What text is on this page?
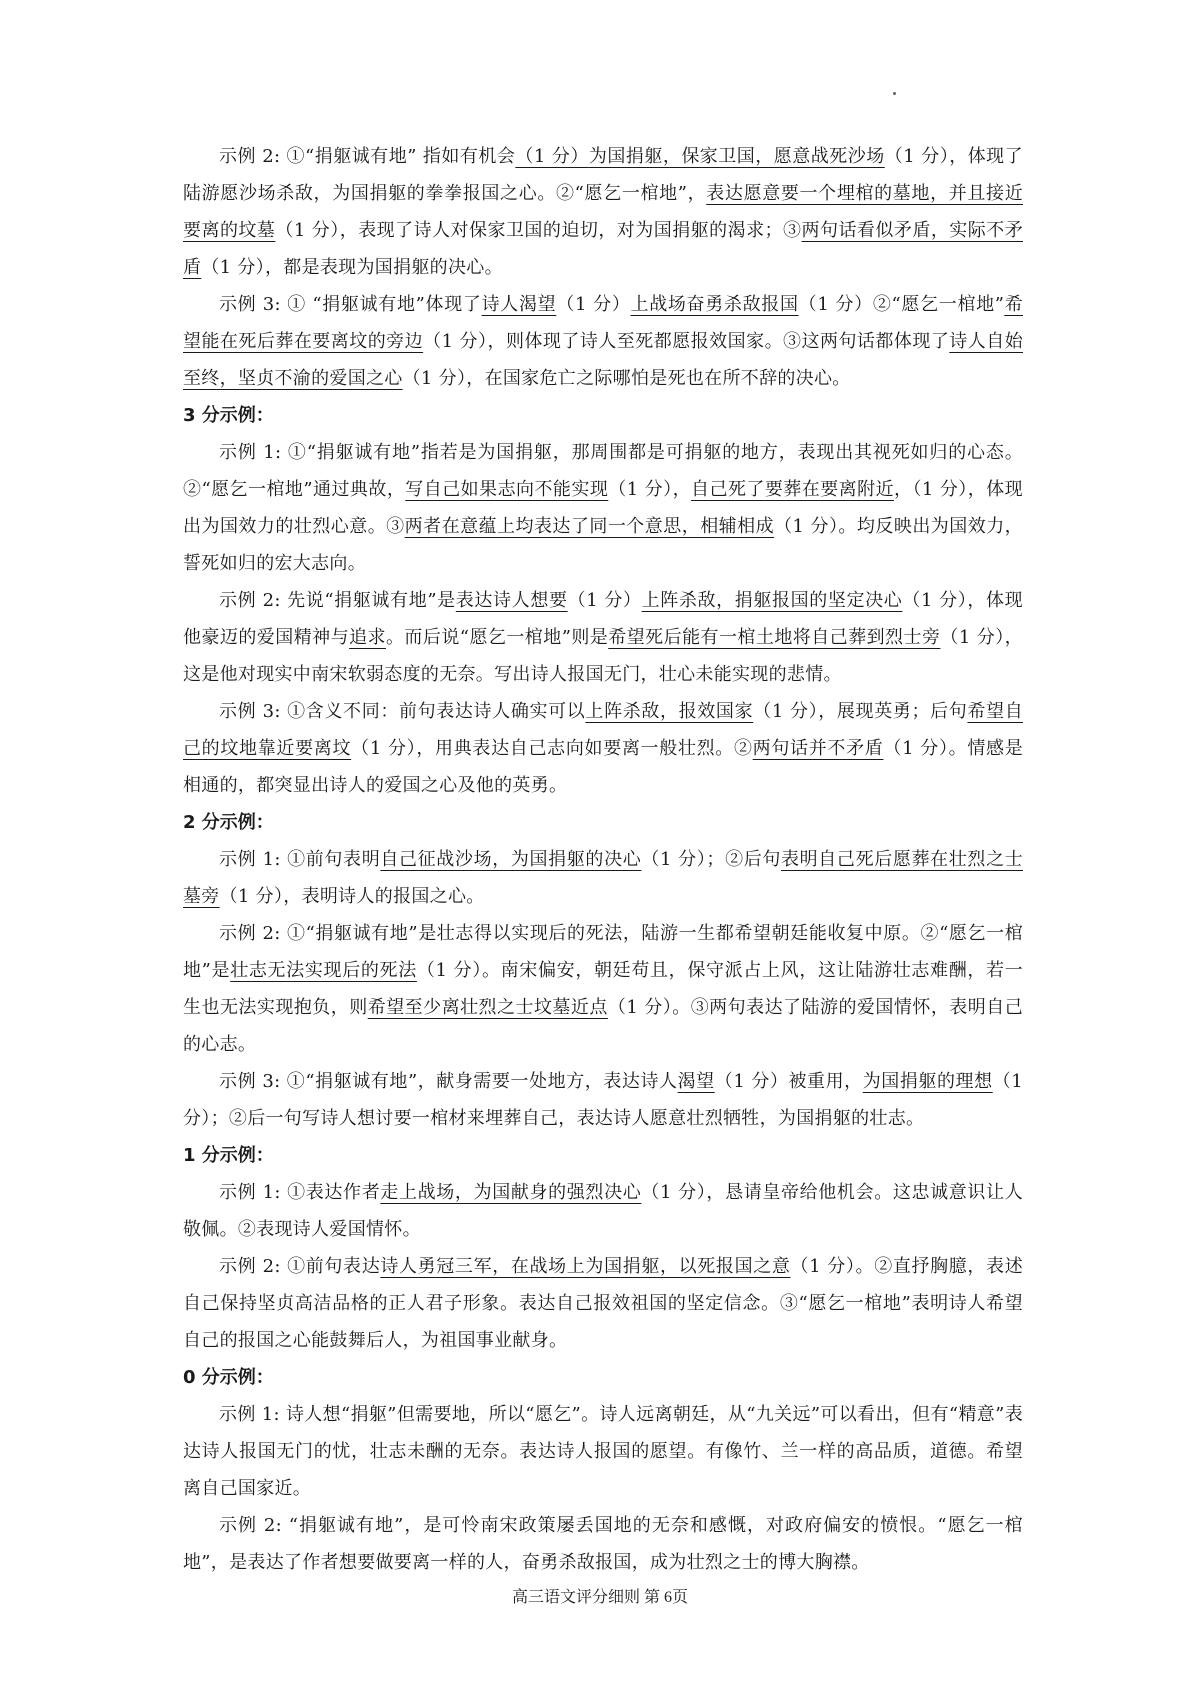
示例 2: ①“捐躯诚有地” 指如有机会（1 分）为国捐躯，保家卫国，愿意战死沙场（1 分），体现了陆游愿沙场杀敌，为国捐躯的拳拳报国之心。②“愿乞一棺地”，表达愿意要一个埋棺的墓地，并且接近要离的坟墓（1 分），表现了诗人对保家卫国的迫切，对为国捐躯的渴求；③两句话看似矛盾，实际不矛盾（1 分），都是表现为国捐躯的决心。

示例 3: ① “捐躯诚有地”体现了诗人渴望（1 分）上战场奋勇杀敌报国（1 分）②“愿乞一棺地”希望能在死后葬在要离坟的旁边（1 分），则体现了诗人至死都愿报效国家。③这两句话都体现了诗人自始至终，坚贞不渝的爱国之心（1 分），在国家危亡之际哪怕是死也在所不辞的决心。

3 分示例：

示例 1: ①“捐躯诚有地”指若是为国捐躯，那周围都是可捐躯的地方，表现出其视死如归的心态。②“愿乞一棺地”通过典故，写自己如果志向不能实现（1 分），自己死了要葬在要离附近，（1 分），体现出为国效力的壮烈心意。③两者在意蕴上均表达了同一个意思，相辅相成（1 分）。均反映出为国效力，誓死如归的宏大志向。

示例 2: 先说“捐躯诚有地”是表达诗人想要（1 分）上阵杀敌，捐躯报国的坚定决心（1 分），体现他豪迈的爱国精神与追求。而后说“愿乞一棺地”则是希望死后能有一棺土地将自己葬到烈士旁（1 分），这是他对现实中南宋软弱态度的无奈。写出诗人报国无门，壮心未能实现的悲情。

示例 3: ①含义不同：前句表达诗人确实可以上阵杀敌，报效国家（1 分），展现英勇；后句希望自己的坟地靠近要离坟（1 分），用典表达自己志向如要离一般壮烈。②两句话并不矛盾（1 分）。情感是相通的，都突显出诗人的爱国之心及他的英勇。

2 分示例：

示例 1: ①前句表明自己征战沙场，为国捐躯的决心（1 分）；②后句表明自己死后愿葬在壮烈之士墓旁（1 分），表明诗人的报国之心。

示例 2: ①“捐躯诚有地”是壮志得以实现后的死法，陆游一生都希望朝廷能收复中原。②“愿乞一棺地”是壮志无法实现后的死法（1 分）。南宋偏安，朝廷苟且，保守派占上风，这让陆游壮志难酬，若一生也无法实现抱负，则希望至少离壮烈之士坟墓近点（1 分）。③两句表达了陆游的爱国情怀，表明自己的心志。

示例 3: ①“捐躯诚有地”，献身需要一处地方，表达诗人渴望（1 分）被重用，为国捐躯的理想（1 分）；②后一句写诗人想讨要一棺材来埋葬自己，表达诗人愿意壮烈牺牲，为国捐躯的壮志。

1 分示例：

示例 1: ①表达作者走上战场，为国献身的强烈决心（1 分），恳请皇帝给他机会。这忠诚意识让人敬佩。②表现诗人爱国情怀。

示例 2: ①前句表达诗人勇冠三军，在战场上为国捐躯，以死报国之意（1 分）。②直抒胸臆，表述自己保持坚贞高洁品格的正人君子形象。表达自己报效祖国的坚定信念。③“愿乞一棺地”表明诗人希望自己的报国之心能鼓舞后人，为祖国事业献身。

0 分示例：

示例 1: 诗人想“捐躯”但需要地，所以“愿乞”。诗人远离朝廷，从“九关远”可以看出，但有“精意”表达诗人报国无门的忧，壮志未酬的无奈。表达诗人报国的愿望。有像竹、兰一样的高品质，道德。希望离自己国家近。

示例 2: “捐躯诚有地”，是可怜南宋政策屡丢国地的无奈和感慨，对政府偏安的愤恨。“愿乞一棺地”，是表达了作者想要做要离一样的人，奋勇杀敌报国，成为壮烈之士的博大胸襟。

高三语文评分细则 第 6页
